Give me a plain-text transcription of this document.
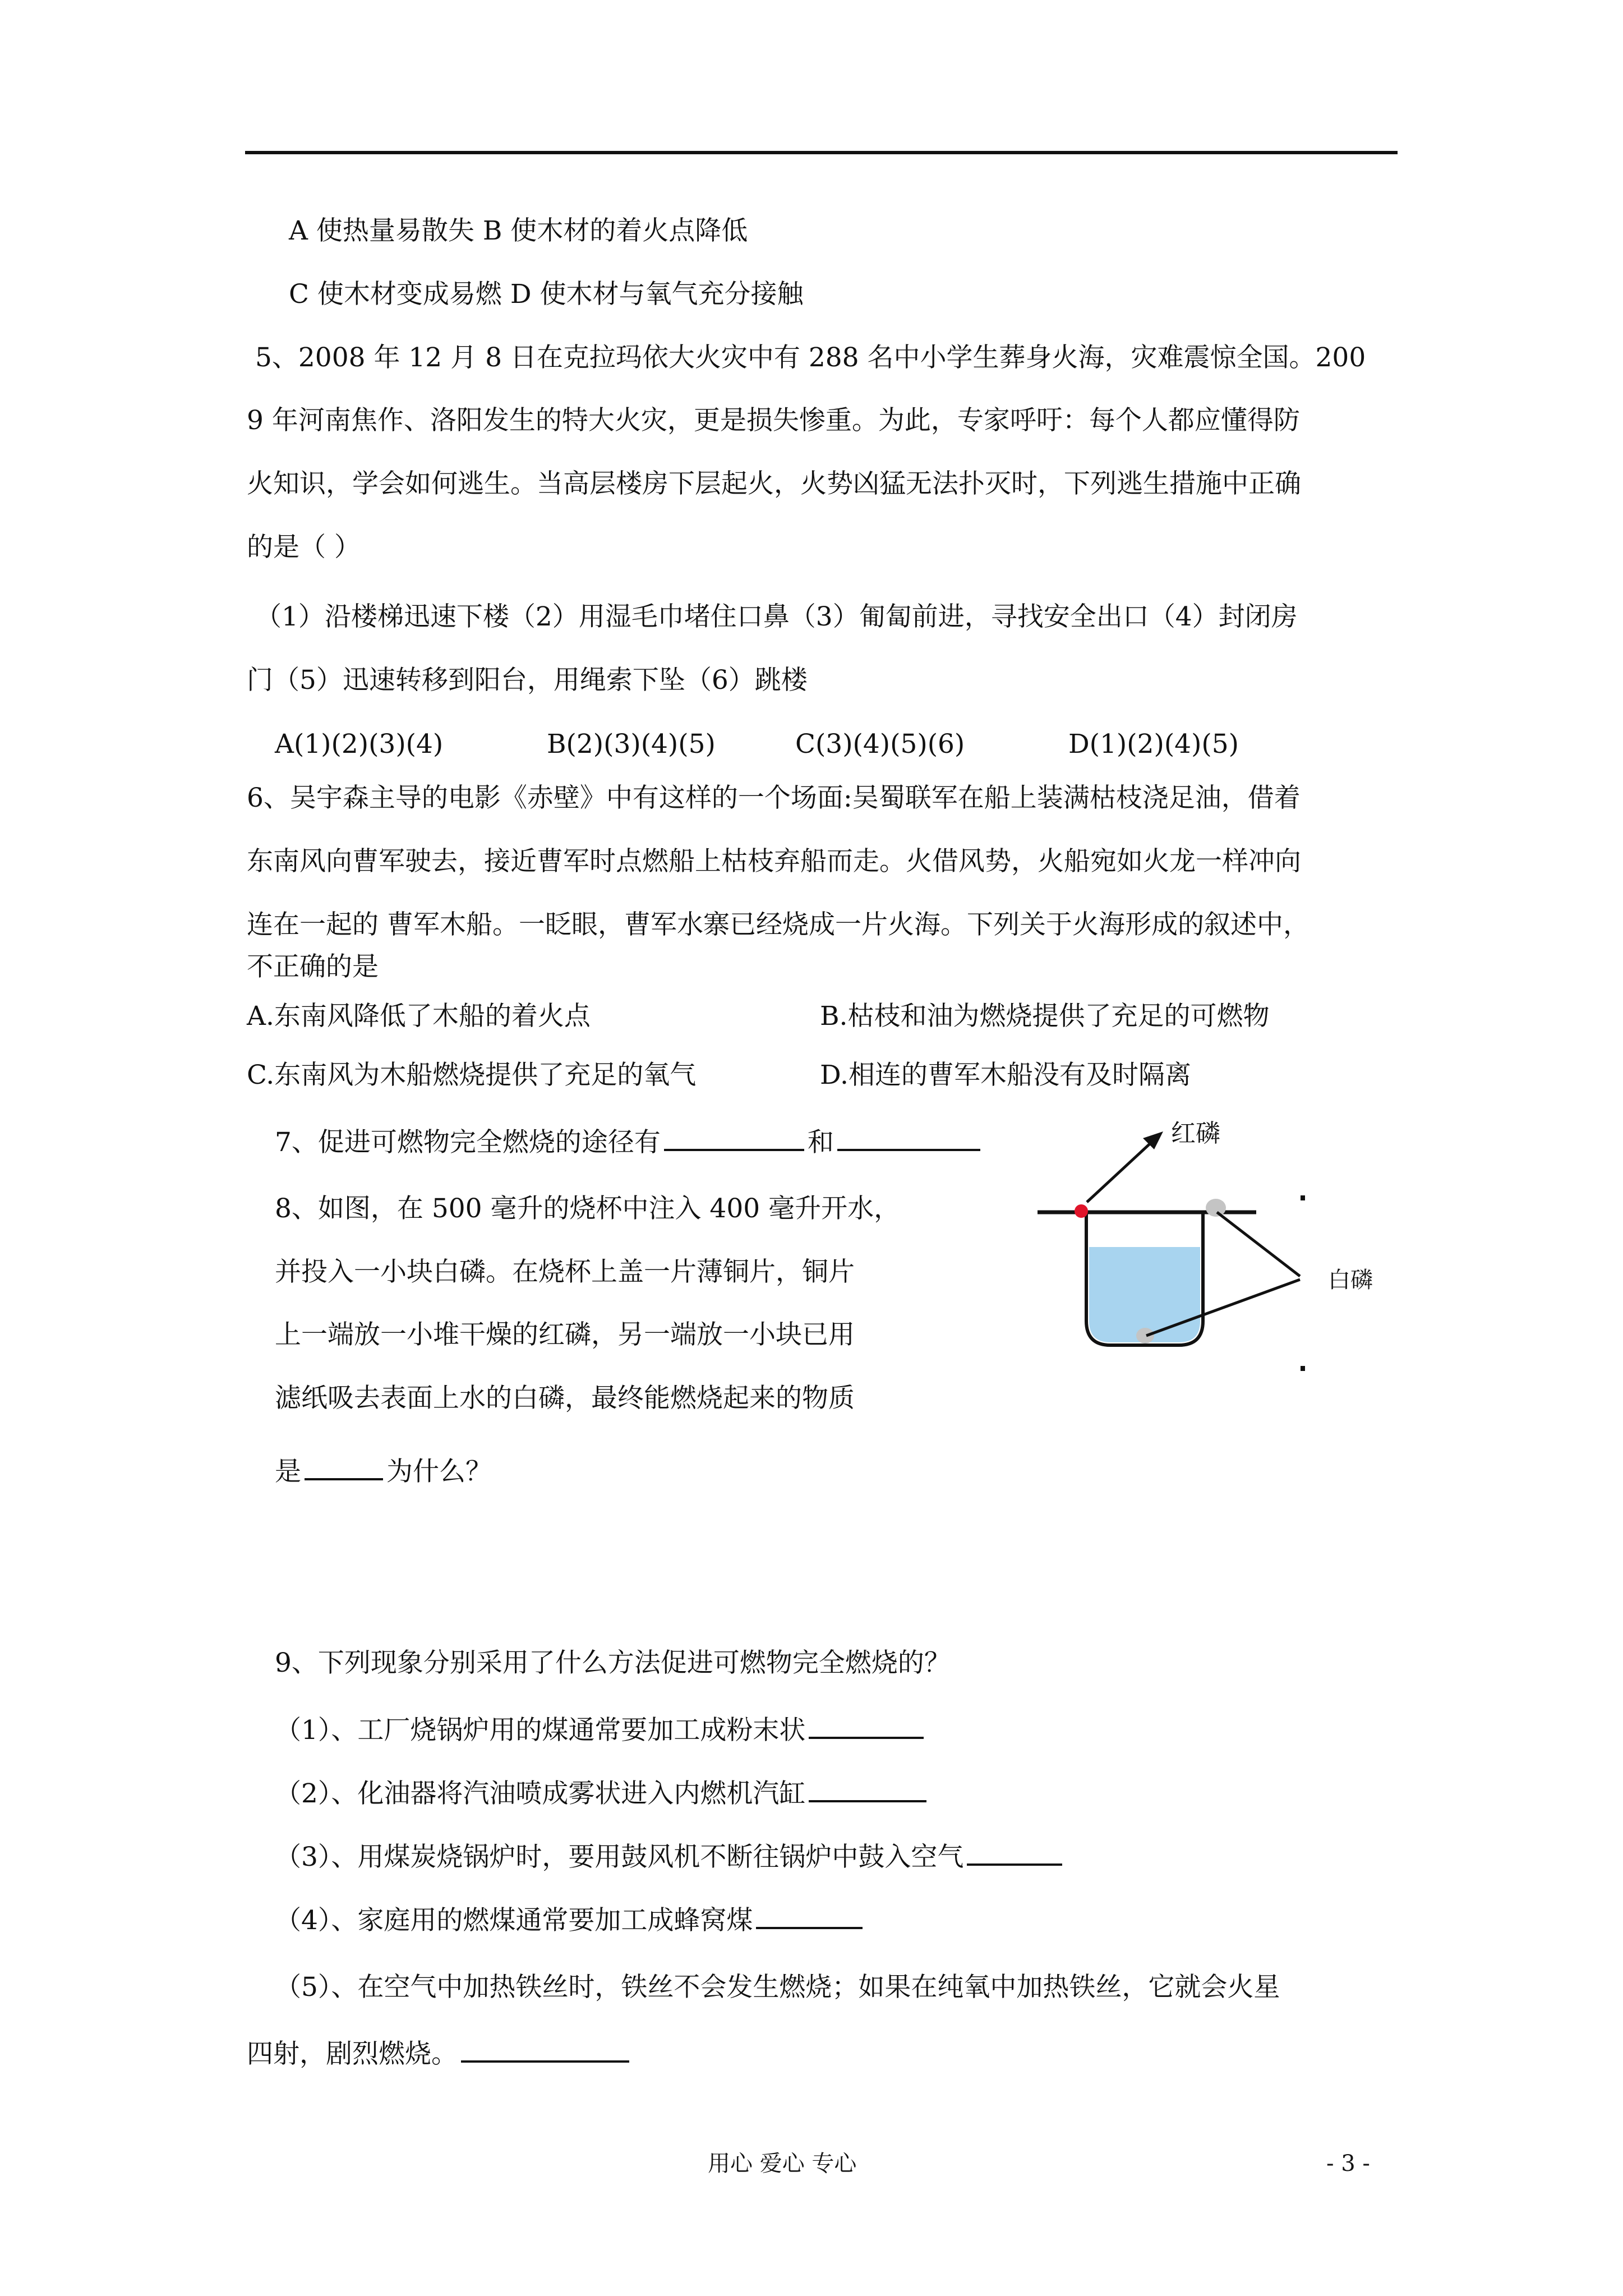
A 使热量易散失 B 使木材的着火点降低
C 使木材变成易燃 D 使木材与氧气充分接触
5、2008 年 12 月 8 日在克拉玛依大火灾中有 288 名中小学生葬身火海，灾难震惊全国。200
9 年河南焦作、洛阳发生的特大火灾，更是损失惨重。为此，专家呼吁：每个人都应懂得防
火知识，学会如何逃生。当高层楼房下层起火，火势凶猛无法扑灭时，下列逃生措施中正确
的是（ ）
（1）沿楼梯迅速下楼（2）用湿毛巾堵住口鼻（3）匍匐前进，寻找安全出口（4）封闭房
门（5）迅速转移到阳台，用绳索下坠（6）跳楼
A(1)(2)(3)(4)	B(2)(3)(4)(5)	C(3)(4)(5)(6)	D(1)(2)(4)(5)
6、吴宇森主导的电影《赤壁》中有这样的一个场面:吴蜀联军在船上装满枯枝浇足油，借着
东南风向曹军驶去，接近曹军时点燃船上枯枝弃船而走。火借风势，火船宛如火龙一样冲向
连在一起的 曹军木船。一眨眼，曹军水寨已经烧成一片火海。下列关于火海形成的叙述中，
不正确的是
A.东南风降低了木船的着火点	B.枯枝和油为燃烧提供了充足的可燃物
C.东南风为木船燃烧提供了充足的氧气	D.相连的曹军木船没有及时隔离
7、促进可燃物完全燃烧的途径有	和
8、如图，在 500 毫升的烧杯中注入 400 毫升开水，
并投入一小块白磷。在烧杯上盖一片薄铜片，铜片
上一端放一小堆干燥的红磷，另一端放一小块已用
滤纸吸去表面上水的白磷，最终能燃烧起来的物质
是	为什么？
红磷
白磷
9、下列现象分别采用了什么方法促进可燃物完全燃烧的？
（1）、工厂烧锅炉用的煤通常要加工成粉末状
（2）、化油器将汽油喷成雾状进入内燃机汽缸
（3）、用煤炭烧锅炉时，要用鼓风机不断往锅炉中鼓入空气
（4）、家庭用的燃煤通常要加工成蜂窝煤
（5）、在空气中加热铁丝时，铁丝不会发生燃烧；如果在纯氧中加热铁丝，它就会火星
四射，剧烈燃烧。
用心 爱心 专心	- 3 -
